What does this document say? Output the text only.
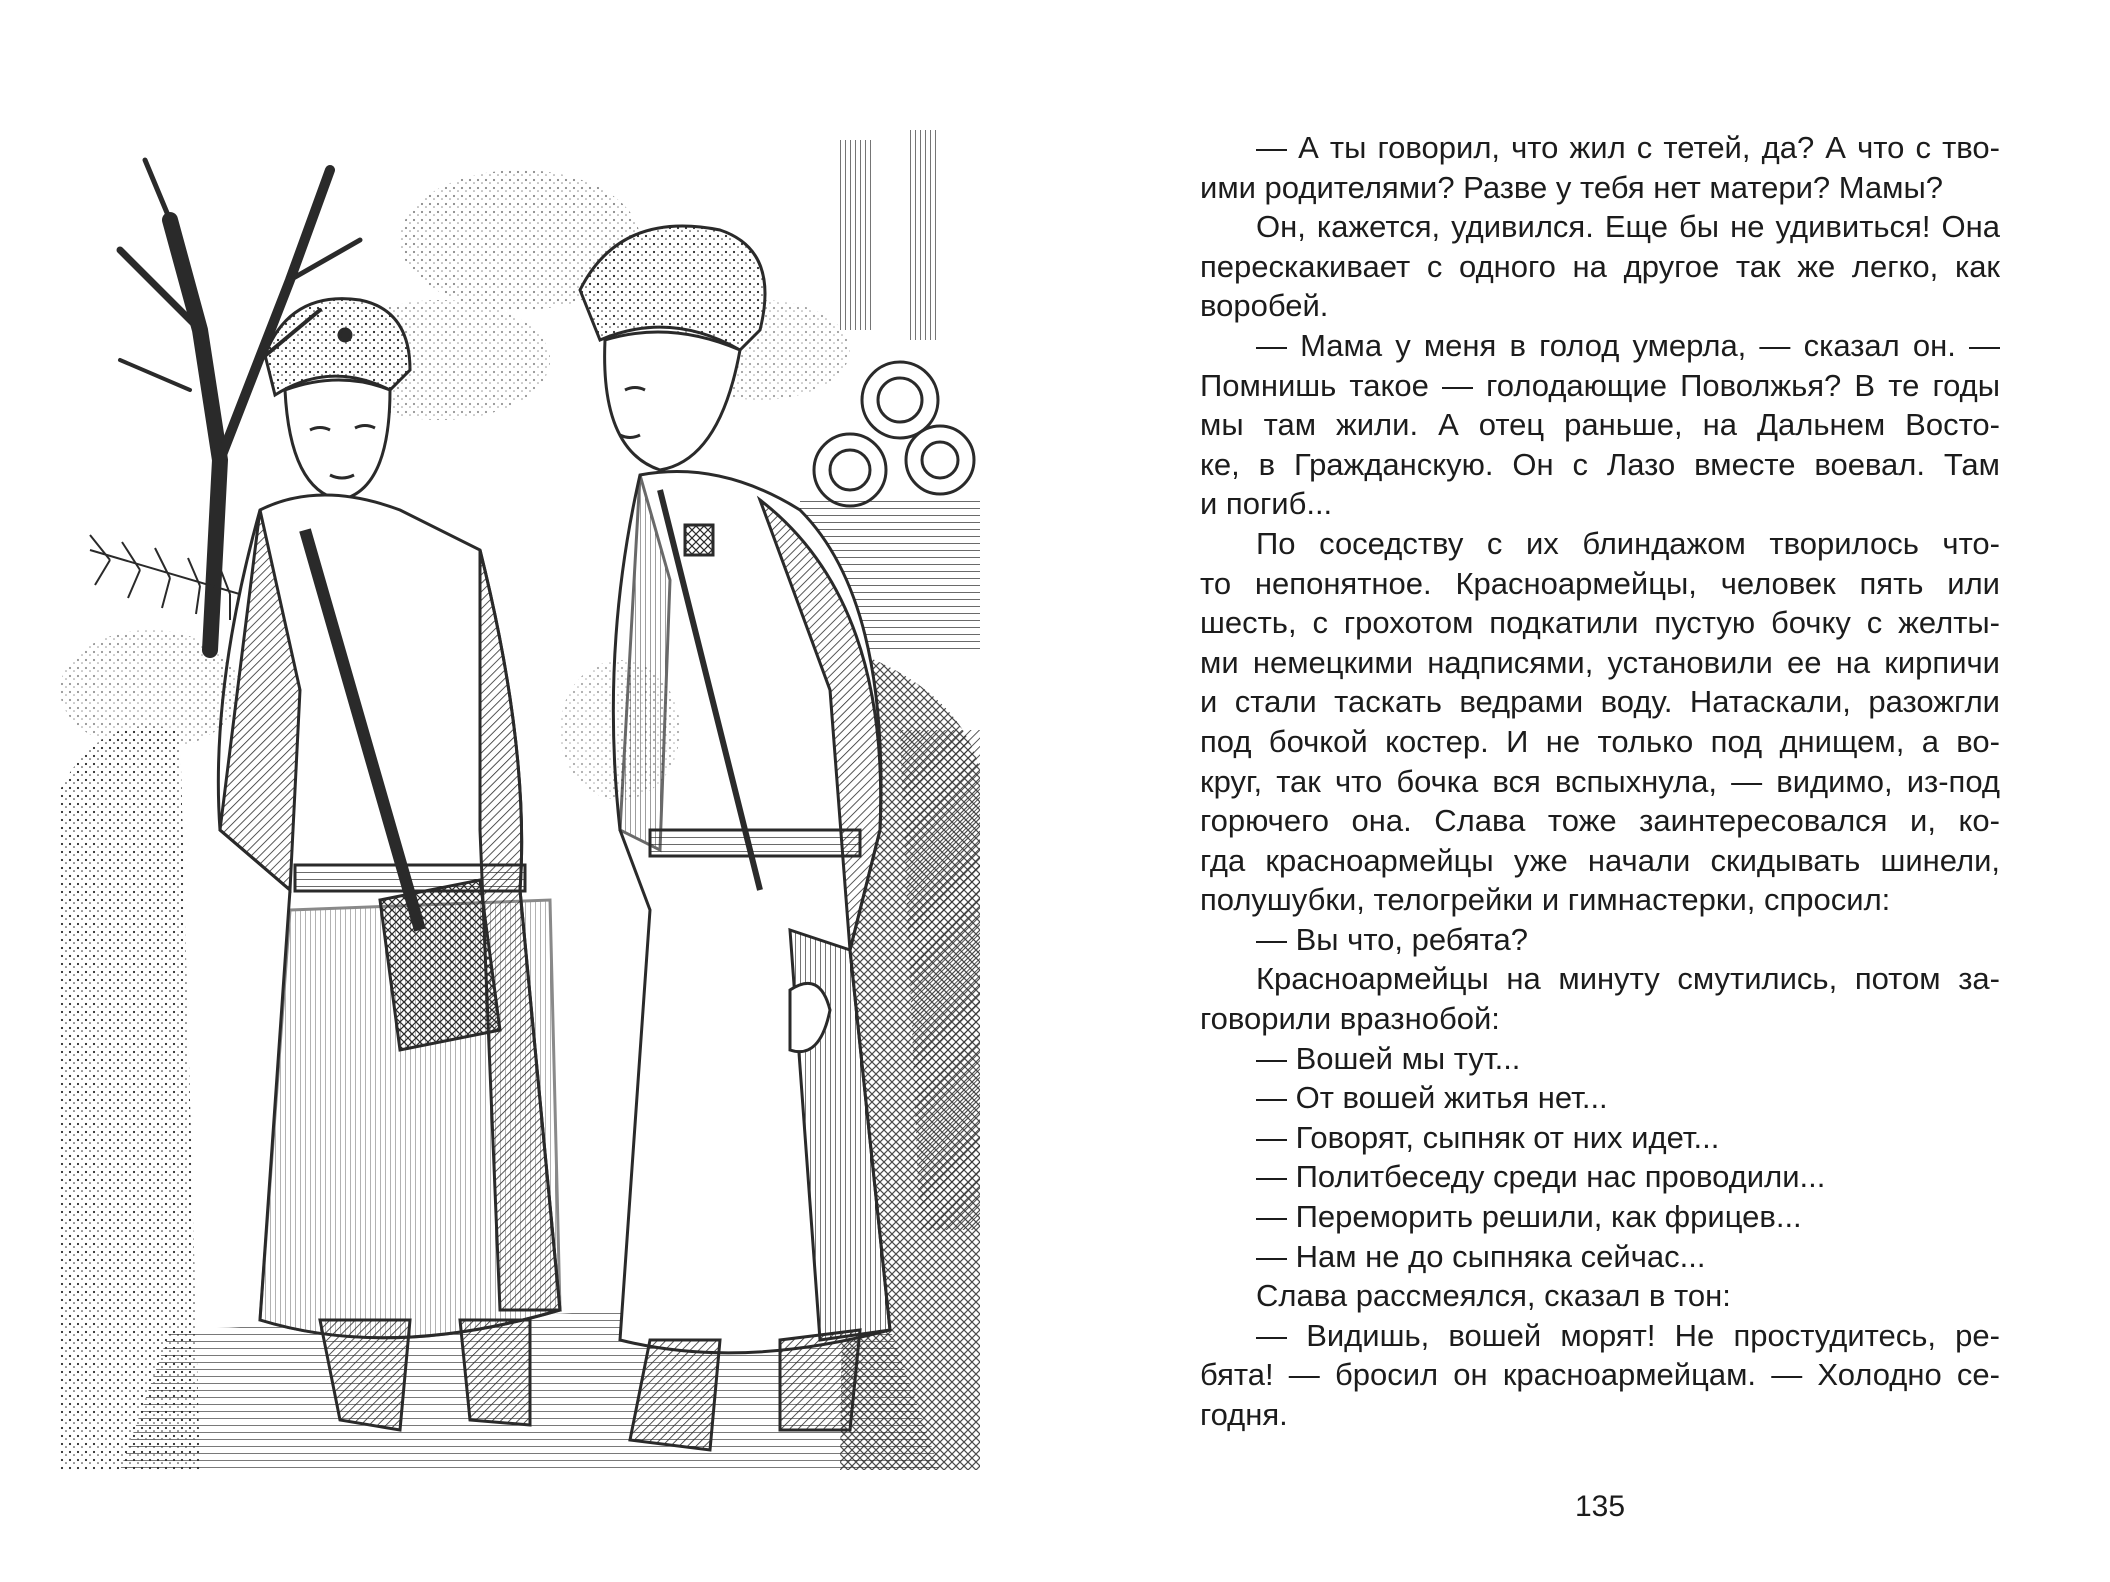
— А ты говорил, что жил с тетей, да? А что с тво-

ими родителями? Разве у тебя нет матери? Мамы?

Он, кажется, удивился. Еще бы не удивиться! Она

перескакивает с одного на другое так же легко, как

воробей.

— Мама у меня в голод умерла, — сказал он. —

Помнишь такое — голодающие Поволжья? В те годы

мы там жили. А отец раньше, на Дальнем Восто-

ке, в Гражданскую. Он с Лазо вместе воевал. Там

и погиб...

По соседству с их блиндажом творилось что-

то непонятное. Красноармейцы, человек пять или

шесть, с грохотом подкатили пустую бочку с желты-

ми немецкими надписями, установили ее на кирпичи

и стали таскать ведрами воду. Натаскали, разожгли

под бочкой костер. И не только под днищем, а во-

круг, так что бочка вся вспыхнула, — видимо, из-под

горючего она. Слава тоже заинтересовался и, ко-

гда красноармейцы уже начали скидывать шинели,

полушубки, телогрейки и гимнастерки, спросил:

— Вы что, ребята?

Красноармейцы на минуту смутились, потом за-

говорили вразнобой:

— Вошей мы тут...

— От вошей житья нет...

— Говорят, сыпняк от них идет...

— Политбеседу среди нас проводили...

— Переморить решили, как фрицев...

— Нам не до сыпняка сейчас...

Слава рассмеялся, сказал в тон:

— Видишь, вошей морят! Не простудитесь, ре-

бята! — бросил он красноармейцам. — Холодно се-

годня.

135
